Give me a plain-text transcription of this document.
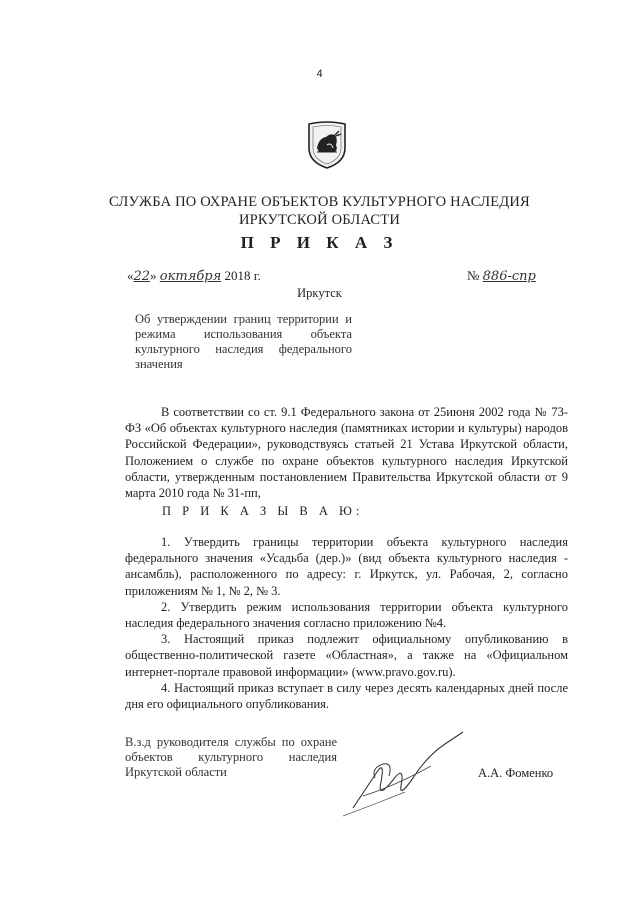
4
СЛУЖБА ПО ОХРАНЕ ОБЪЕКТОВ КУЛЬТУРНОГО НАСЛЕДИЯ
ИРКУТСКОЙ ОБЛАСТИ
П Р И К А З
«22» октября 2018 г.	№ 886-спр
Иркутск
Об утверждении границ территории и режима использования объекта культурного наследия федерального значения
В соответствии со ст. 9.1 Федерального закона от 25июня 2002 года № 73-ФЗ «Об объектах культурного наследия (памятниках истории и культуры) народов Российской Федерации», руководствуясь статьей 21 Устава Иркутской области, Положением о службе по охране объектов культурного наследия Иркутской области, утвержденным постановлением Правительства Иркутской области от 9 марта 2010 года № 31-пп,
П Р И К А З Ы В А Ю:

1. Утвердить границы территории объекта культурного наследия федерального значения «Усадьба (дер.)» (вид объекта культурного наследия - ансамбль), расположенного по адресу: г. Иркутск, ул. Рабочая, 2, согласно приложениям № 1, № 2, № 3.

2. Утвердить режим использования территории объекта культурного наследия федерального значения согласно приложению №4.

3. Настоящий приказ подлежит официальному опубликованию в общественно-политической газете «Областная», а также на «Официальном интернет-портале правовой информации» (www.pravo.gov.ru).

4. Настоящий приказ вступает в силу через десять календарных дней после дня его официального опубликования.

В.з.д руководителя службы по охране объектов культурного наследия Иркутской области	А.А. Фоменко
